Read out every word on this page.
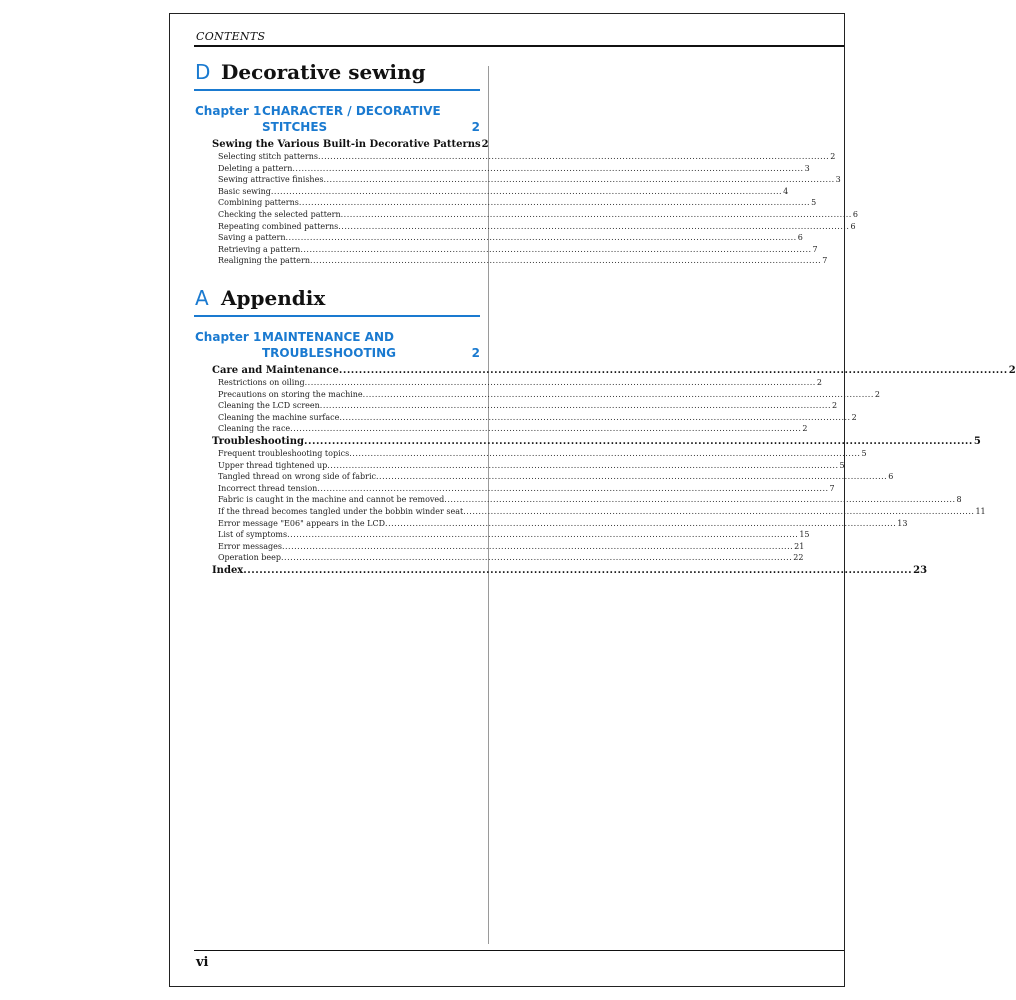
CONTENTS
D Decorative sewing
Chapter 1 CHARACTER / DECORATIVE
STITCHES	2
Sewing the Various Built-in Decorative Patterns 2
Selecting stitch patterns .....	2
Deleting a pattern .....	3
Sewing attractive finishes .....	3
Basic sewing .....	4
Combining patterns .....	5
Checking the selected pattern .....	6
Repeating combined patterns .....	6
Saving a pattern .....	6
Retrieving a pattern .....	7
Realigning the pattern .....	7
A Appendix
Chapter 1 MAINTENANCE AND
TROUBLESHOOTING	2
Care and Maintenance .....	2
Restrictions on oiling .....	2
Precautions on storing the machine .....	2
Cleaning the LCD screen .....	2
Cleaning the machine surface .....	2
Cleaning the race .....	2
Troubleshooting .....	5
Frequent troubleshooting topics .....	5
Upper thread tightened up .....	5
Tangled thread on wrong side of fabric .....	6
Incorrect thread tension .....	7
Fabric is caught in the machine and cannot be removed .....	8
If the thread becomes tangled under the bobbin winder seat .....	11
Error message "E06" appears in the LCD .....	13
List of symptoms .....	15
Error messages .....	21
Operation beep .....	22
Index .....	23
vi
